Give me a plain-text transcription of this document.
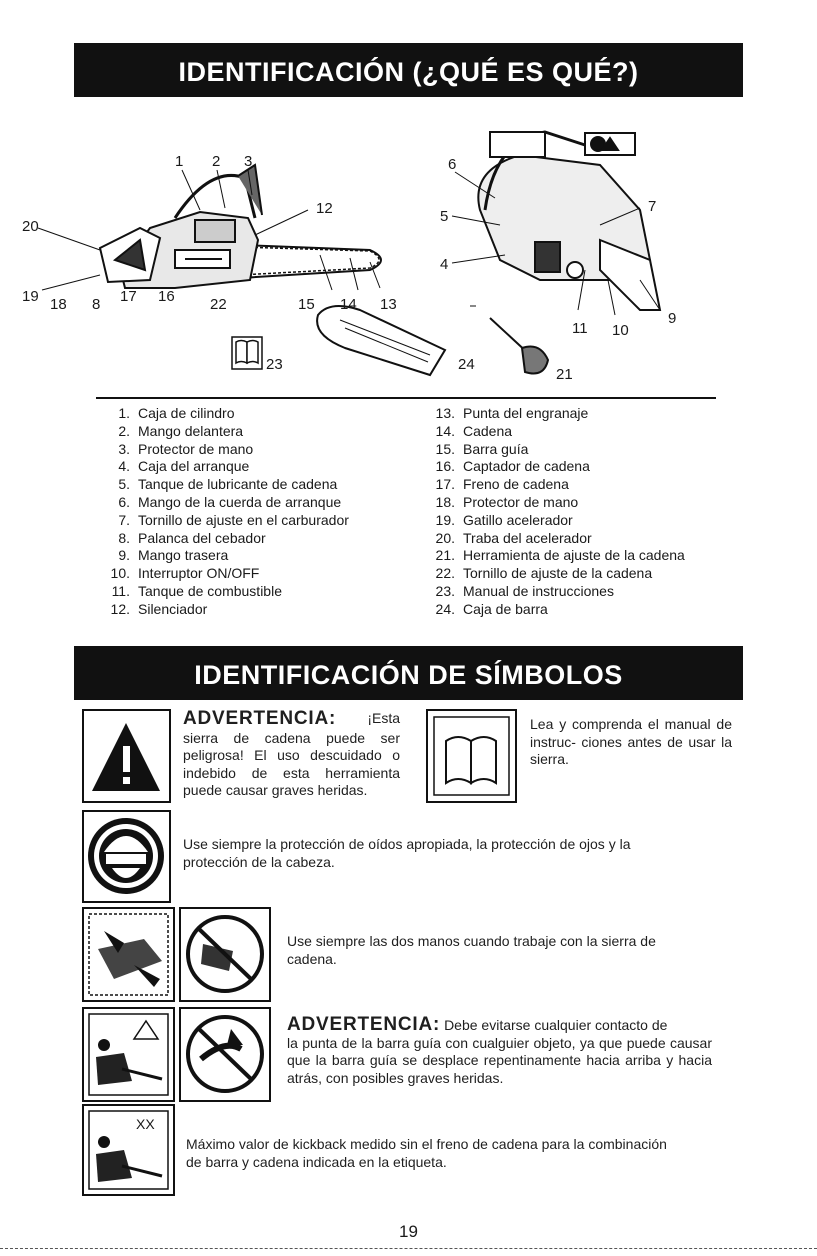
IDENTIFICACIÓN (¿QUÉ ES QUÉ?)
1 2 3
20
12
19 18 8 17 16 22	15 14 13
23
6
7
5
4
9
11 10
24
21
1. Caja de cilindro
2. Mango delantera
3. Protector de mano
4. Caja del arranque
5. Tanque de lubricante de cadena
6. Mango de la cuerda de arranque
7. Tornillo de ajuste en el carburador
8. Palanca del cebador
9. Mango trasera
10. Interruptor ON/OFF
11. Tanque de combustible
12. Silenciador
13. Punta del engranaje
14. Cadena
15. Barra guía
16. Captador de cadena
17. Freno de cadena
18. Protector de mano
19. Gatillo acelerador
20. Traba del acelerador
21. Herramienta de ajuste de la cadena
22. Tornillo de ajuste de la cadena
23. Manual de instrucciones
24. Caja de barra
IDENTIFICACIÓN DE SÍMBOLOS
ADVERTENCIA: ¡Esta
sierra de cadena puede ser peligrosa! El uso descuidado o indebido de esta herramienta puede causar graves heridas.
Lea y comprenda el manual de instruc- ciones antes de usar la sierra.
Use siempre la protección de oídos apropiada, la protección de ojos y la protección de la cabeza.
Use siempre las dos manos cuando trabaje con la sierra de cadena.
ADVERTENCIA: Debe evitarse cualquier contacto de
la punta de la barra guía con cualguier objeto, ya que puede causar que la barra guía se desplace repentinamente hacia arriba y hacia atrás, con posibles graves heridas.
XX
Máximo valor de kickback medido sin el freno de cadena para la combinación de barra y cadena indicada en la etiqueta.
19
